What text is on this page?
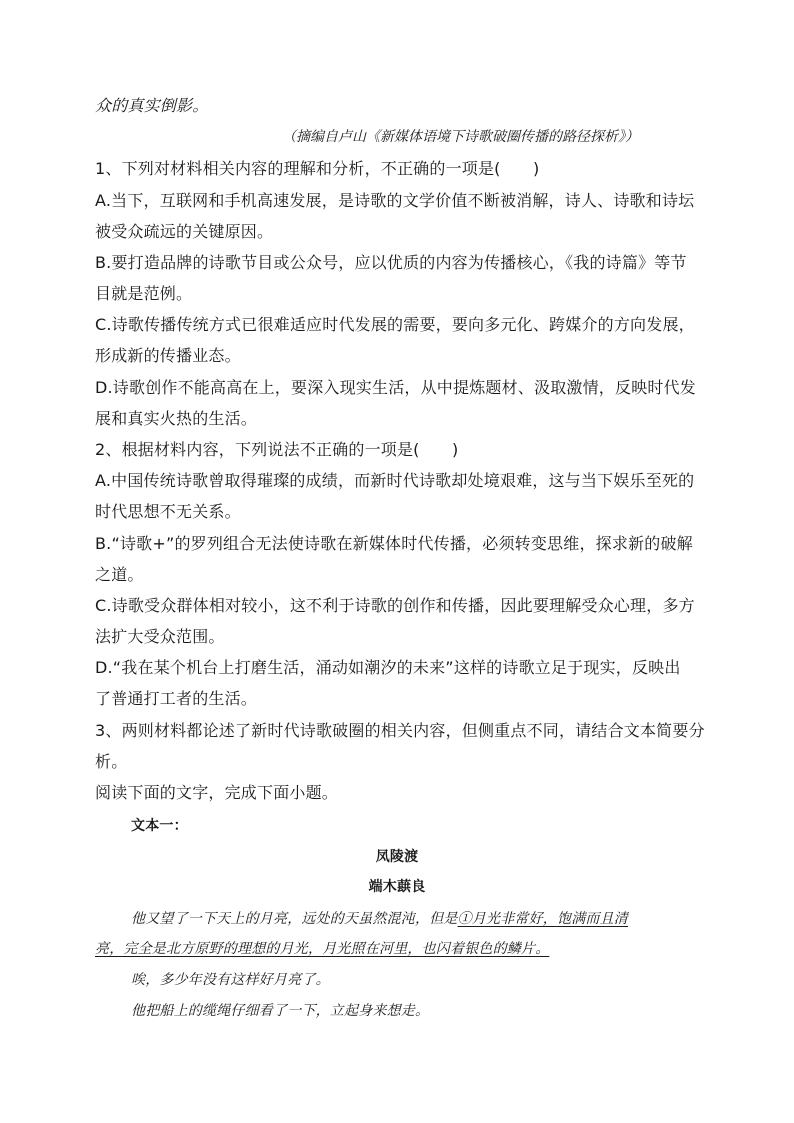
众的真实倒影。
（摘编自卢山《新媒体语境下诗歌破圈传播的路径探析》）
1、下列对材料相关内容的理解和分析，不正确的一项是(　　)
A.当下，互联网和手机高速发展，是诗歌的文学价值不断被消解，诗人、诗歌和诗坛
被受众疏远的关键原因。
B.要打造品牌的诗歌节目或公众号，应以优质的内容为传播核心，《我的诗篇》等节
目就是范例。
C.诗歌传播传统方式已很难适应时代发展的需要，要向多元化、跨媒介的方向发展，
形成新的传播业态。
D.诗歌创作不能高高在上，要深入现实生活，从中提炼题材、汲取激情，反映时代发
展和真实火热的生活。
2、根据材料内容，下列说法不正确的一项是(　　)
A.中国传统诗歌曾取得璀璨的成绩，而新时代诗歌却处境艰难，这与当下娱乐至死的
时代思想不无关系。
B.“诗歌+”的罗列组合无法使诗歌在新媒体时代传播，必须转变思维，探求新的破解
之道。
C.诗歌受众群体相对较小，这不利于诗歌的创作和传播，因此要理解受众心理，多方
法扩大受众范围。
D.“我在某个机台上打磨生活，涌动如潮汐的未来”这样的诗歌立足于现实，反映出
了普通打工者的生活。
3、两则材料都论述了新时代诗歌破圈的相关内容，但侧重点不同，请结合文本简要分
析。
阅读下面的文字，完成下面小题。
文本一：
凤陵渡
端木蕻良
他又望了一下天上的月亮，远处的天虽然混沌，但是①月光非常好，饱满而且清
亮，完全是北方原野的理想的月光，月光照在河里，也闪着银色的鳞片。
唉，多少年没有这样好月亮了。
他把船上的缆绳仔细看了一下，立起身来想走。
